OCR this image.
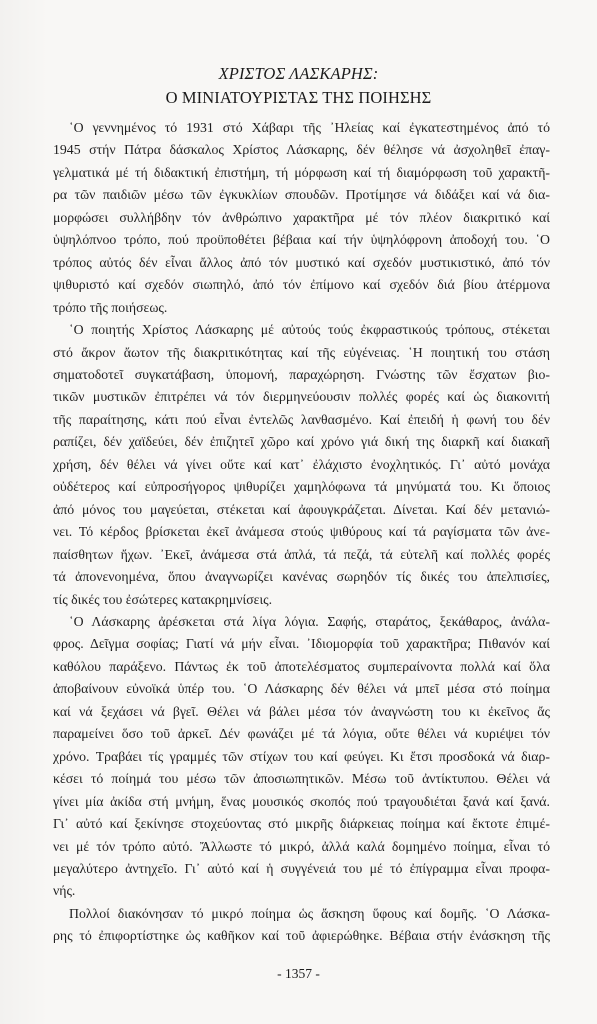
ΧΡΙΣΤΟΣ ΛΑΣΚΑΡΗΣ:
Ο ΜΙΝΙΑΤΟΥΡΙΣΤΑΣ ΤΗΣ ΠΟΙΗΣΗΣ
῾Ο γεννημένος τό 1931 στό Χάβαρι τῆς ᾽Ηλείας καί ἐγκατεστημένος ἀπό τό
1945 στήν Πάτρα δάσκαλος Χρίστος Λάσκαρης, δέν θέλησε νά ἀσχοληθεῖ ἐπαγ-
γελματικά μέ τή διδακτική ἐπιστήμη, τή μόρφωση καί τή διαμόρφωση τοῦ χαρακτῆ-
ρα τῶν παιδιῶν μέσω τῶν ἐγκυκλίων σπουδῶν. Προτίμησε νά διδάξει καί νά δια-
μορφώσει συλλήβδην τόν ἀνθρώπινο χαρακτῆρα μέ τόν πλέον διακριτικό καί
ὑψηλόπνοο τρόπο, πού προϋποθέτει βέβαια καί τήν ὑψηλόφρονη ἀποδοχή του. ῾Ο
τρόπος αὐτός δέν εἶναι ἄλλος ἀπό τόν μυστικό καί σχεδόν μυστικιστικό, ἀπό τόν
ψιθυριστό καί σχεδόν σιωπηλό, ἀπό τόν ἐπίμονο καί σχεδόν διά βίου ἀτέρμονα
τρόπο τῆς ποιήσεως.
῾Ο ποιητής Χρίστος Λάσκαρης μέ αὐτούς τούς ἐκφραστικούς τρόπους, στέκεται
στό ἄκρον ἄωτον τῆς διακριτικότητας καί τῆς εὐγένειας. ῾Η ποιητική του στάση
σηματοδοτεῖ συγκατάβαση, ὑπομονή, παραχώρηση. Γνώστης τῶν ἔσχατων βιο-
τικῶν μυστικῶν ἐπιτρέπει νά τόν διερμηνεύουσιν πολλές φορές καί ὡς διακονιτή
τῆς παραίτησης, κάτι πού εἶναι ἐντελῶς λανθασμένο. Καί ἐπειδή ἡ φωνή του δέν
ραπίζει, δέν χαϊδεύει, δέν ἐπιζητεῖ χῶρο καί χρόνο γιά δική της διαρκῆ καί διακαῆ
χρήση, δέν θέλει νά γίνει οὔτε καί κατ᾽ ἐλάχιστο ἐνοχλητικός. Γι᾽ αὐτό μονάχα
οὐδέτερος καί εὐπροσήγορος ψιθυρίζει χαμηλόφωνα τά μηνύματά του. Κι ὅποιος
ἀπό μόνος του μαγεύεται, στέκεται καί ἀφουγκράζεται. Δίνεται. Καί δέν μετανιώ-
νει. Τό κέρδος βρίσκεται ἐκεῖ ἀνάμεσα στούς ψιθύρους καί τά ραγίσματα τῶν ἀνε-
παίσθητων ἤχων. ᾽Εκεῖ, ἀνάμεσα στά ἁπλά, τά πεζά, τά εὐτελῆ καί πολλές φορές
τά ἀπονενοημένα, ὅπου ἀναγνωρίζει κανένας σωρηδόν τίς δικές του ἀπελπισίες,
τίς δικές του ἐσώτερες κατακρημνίσεις.
῾Ο Λάσκαρης ἀρέσκεται στά λίγα λόγια. Σαφής, σταράτος, ξεκάθαρος, ἀνάλα-
φρος. Δεῖγμα σοφίας; Γιατί νά μήν εἶναι. ᾽Ιδιομορφία τοῦ χαρακτῆρα; Πιθανόν καί
καθόλου παράξενο. Πάντως ἐκ τοῦ ἀποτελέσματος συμπεραίνοντα πολλά καί ὅλα
ἀποβαίνουν εὐνοϊκά ὑπέρ του. ῾Ο Λάσκαρης δέν θέλει νά μπεῖ μέσα στό ποίημα
καί νά ξεχάσει νά βγεῖ. Θέλει νά βάλει μέσα τόν ἀναγνώστη του κι ἐκεῖνος ἄς
παραμείνει ὅσο τοῦ ἀρκεῖ. Δέν φωνάζει μέ τά λόγια, οὔτε θέλει νά κυριέψει τόν
χρόνο. Τραβάει τίς γραμμές τῶν στίχων του καί φεύγει. Κι ἔτσι προσδοκά νά διαρ-
κέσει τό ποίημά του μέσω τῶν ἀποσιωπητικῶν. Μέσω τοῦ ἀντίκτυπου. Θέλει νά
γίνει μία ἀκίδα στή μνήμη, ἕνας μουσικός σκοπός πού τραγουδιέται ξανά καί ξανά.
Γι᾽ αὐτό καί ξεκίνησε στοχεύοντας στό μικρῆς διάρκειας ποίημα καί ἔκτοτε ἐπιμέ-
νει μέ τόν τρόπο αὐτό. Ἄλλωστε τό μικρό, ἀλλά καλά δομημένο ποίημα, εἶναι τό
μεγαλύτερο ἀντηχεῖο. Γι᾽ αὐτό καί ἡ συγγένειά του μέ τό ἐπίγραμμα εἶναι προφα-
νής.
Πολλοί διακόνησαν τό μικρό ποίημα ὡς ἄσκηση ὕφους καί δομῆς. ῾Ο Λάσκα-
ρης τό ἐπιφορτίστηκε ὡς καθῆκον καί τοῦ ἀφιερώθηκε. Βέβαια στήν ἐνάσκηση τῆς
- 1357 -
